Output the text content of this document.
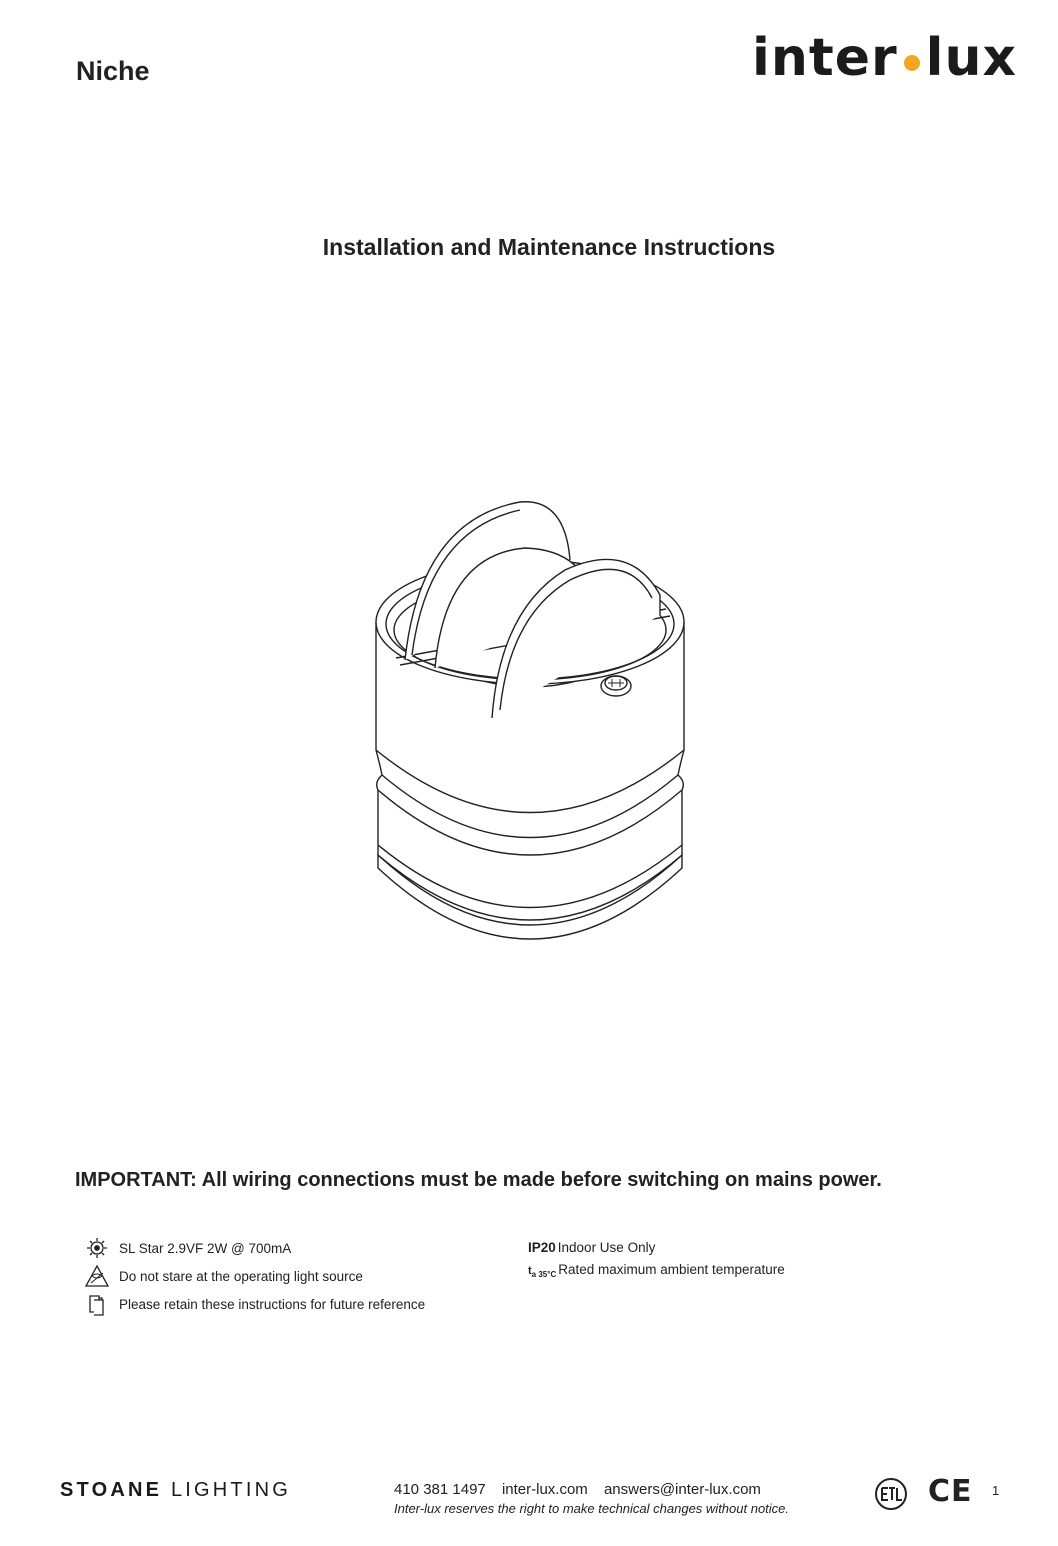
Niche	inter lux
Installation and Maintenance Instructions
IMPORTANT: All wiring connections must be made before switching on mains power.
SL Star 2.9VF 2W @ 700mA
Do not stare at the operating light source
Please retain these instructions for future reference
IP20 Indoor Use Only
$t_{a 35^\circ C}$ Rated maximum ambient temperature
STOANE LIGHTING	410 381 1497 inter-lux.com answers@inter-lux.com
Inter-lux reserves the right to make technical changes without notice.	CE 1
